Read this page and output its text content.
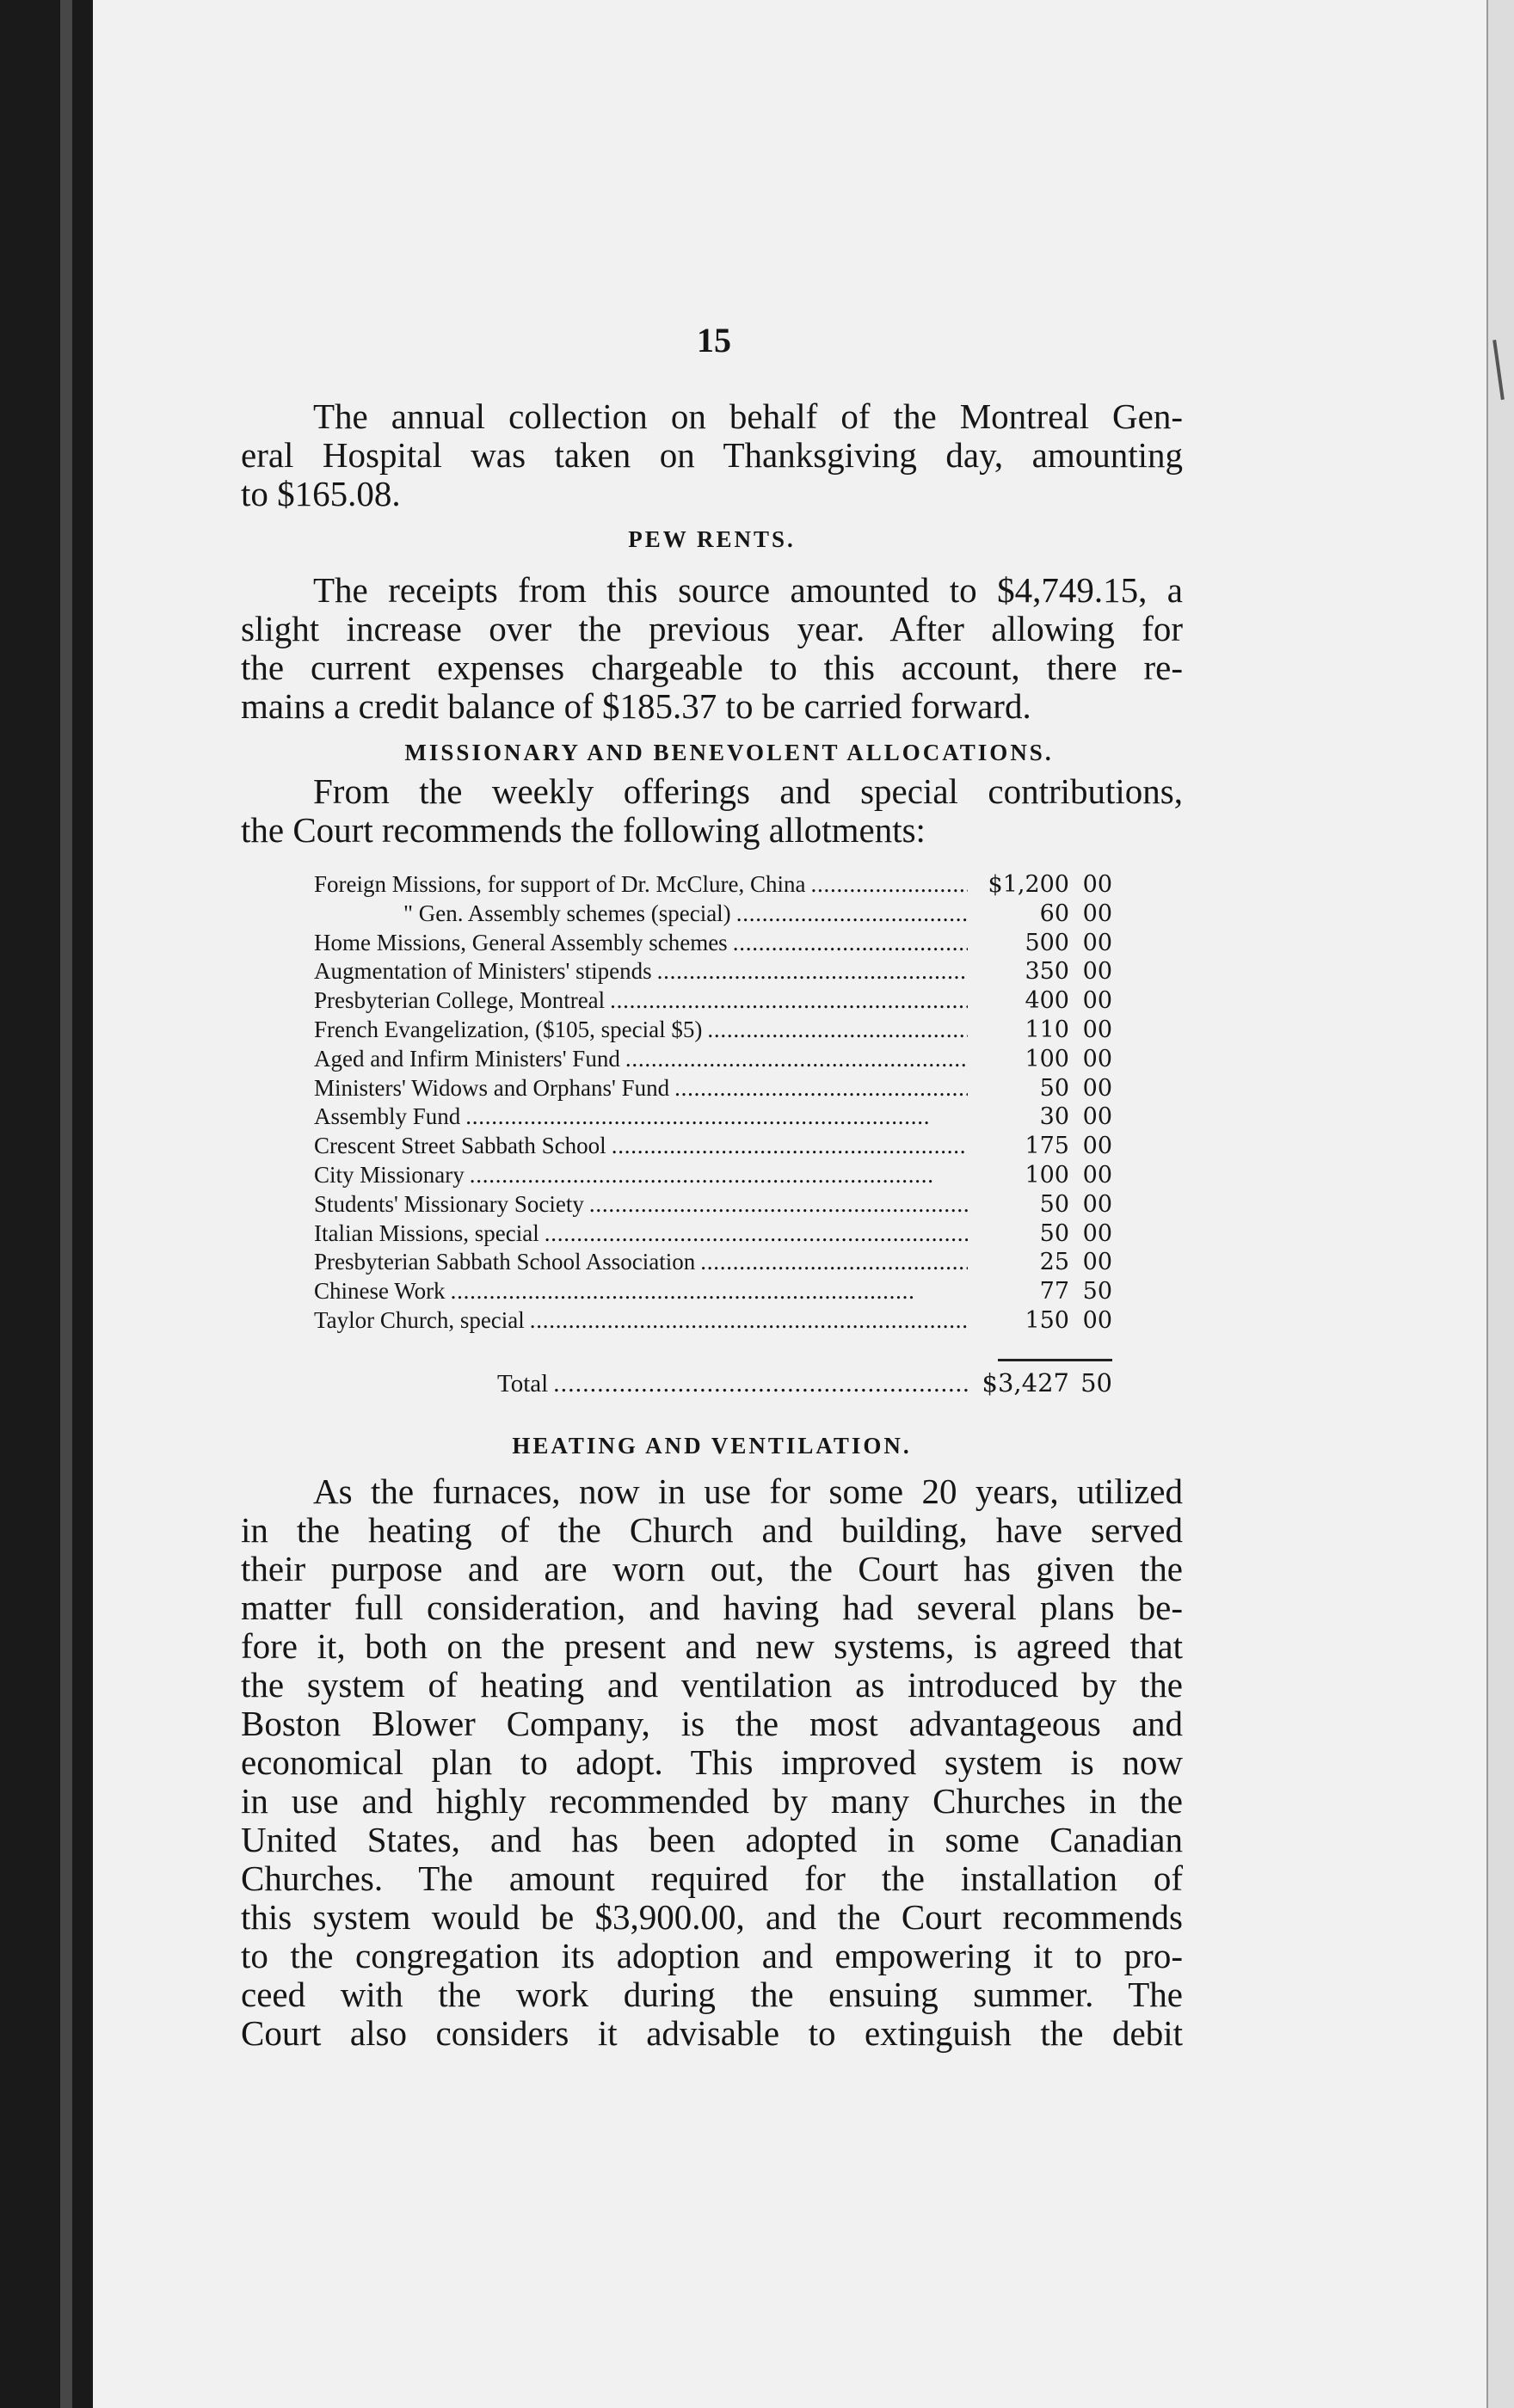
15

The annual collection on behalf of the Montreal Gen-
eral Hospital was taken on Thanksgiving day, amounting
to $165.08.

PEW RENTS.

The receipts from this source amounted to $4,749.15, a
slight increase over the previous year. After allowing for
the current expenses chargeable to this account, there re-
mains a credit balance of $185.37 to be carried forward.

MISSIONARY AND BENEVOLENT ALLOCATIONS.

From the weekly offerings and special contributions,
the Court recommends the following allotments:

Foreign Missions, for support of Dr. McClure, China . . .	$1,200 00
" Gen. Assembly schemes (special) . . .	60 00
Home Missions, General Assembly schemes . . .	500 00
Augmentation of Ministers' stipends . . .	350 00
Presbyterian College, Montreal . . .	400 00
French Evangelization, ($105, special $5) . . .	110 00
Aged and Infirm Ministers' Fund . . .	100 00
Ministers' Widows and Orphans' Fund . . .	50 00
Assembly Fund . . .	30 00
Crescent Street Sabbath School . . .	175 00
City Missionary . . .	100 00
Students' Missionary Society . . .	50 00
Italian Missions, special . . .	50 00
Presbyterian Sabbath School Association . . .	25 00
Chinese Work . . .	77 50
Taylor Church, special . . .	150 00
Total . . .	$3,427 50
HEATING AND VENTILATION.

As the furnaces, now in use for some 20 years, utilized
in the heating of the Church and building, have served
their purpose and are worn out, the Court has given the
matter full consideration, and having had several plans be-
fore it, both on the present and new systems, is agreed that
the system of heating and ventilation as introduced by the
Boston Blower Company, is the most advantageous and
economical plan to adopt. This improved system is now
in use and highly recommended by many Churches in the
United States, and has been adopted in some Canadian
Churches. The amount required for the installation of
this system would be $3,900.00, and the Court recommends
to the congregation its adoption and empowering it to pro-
ceed with the work during the ensuing summer. The
Court also considers it advisable to extinguish the debit
